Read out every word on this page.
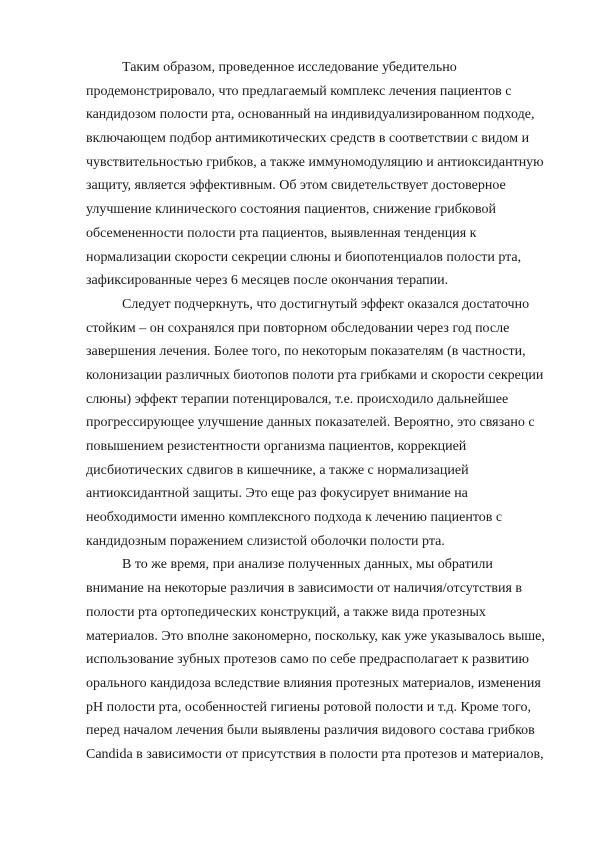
Таким образом, проведенное исследование убедительно
продемонстрировало, что предлагаемый комплекс лечения пациентов с
кандидозом полости рта, основанный на индивидуализированном подходе,
включающем подбор антимикотических средств в соответствии с видом и
чувствительностью грибков, а также иммуномодуляцию и антиоксидантную
защиту, является эффективным. Об этом свидетельствует достоверное
улучшение клинического состояния пациентов, снижение грибковой
обсемененности полости рта пациентов, выявленная тенденция к
нормализации скорости секреции слюны и биопотенциалов полости рта,
зафиксированные через 6 месяцев после окончания терапии.
Следует подчеркнуть, что достигнутый эффект оказался достаточно
стойким – он сохранялся при повторном обследовании через год после
завершения лечения. Более того, по некоторым показателям (в частности,
колонизации различных биотопов полоти рта грибками и скорости секреции
слюны) эффект терапии потенцировался, т.е. происходило дальнейшее
прогрессирующее улучшение данных показателей. Вероятно, это связано с
повышением резистентности организма пациентов, коррекцией
дисбиотических сдвигов в кишечнике, а также с нормализацией
антиоксидантной защиты. Это еще раз фокусирует внимание на
необходимости именно комплексного подхода к лечению пациентов с
кандидозным поражением слизистой оболочки полости рта.
В то же время, при анализе полученных данных, мы обратили
внимание на некоторые различия в зависимости от наличия/отсутствия в
полости рта ортопедических конструкций, а также вида протезных
материалов. Это вполне закономерно, поскольку, как уже указывалось выше,
использование зубных протезов само по себе предрасполагает к развитию
орального кандидоза вследствие влияния протезных материалов, изменения
pH полости рта, особенностей гигиены ротовой полости и т.д. Кроме того,
перед началом лечения были выявлены различия видового состава грибков
Candida в зависимости от присутствия в полости рта протезов и материалов,
